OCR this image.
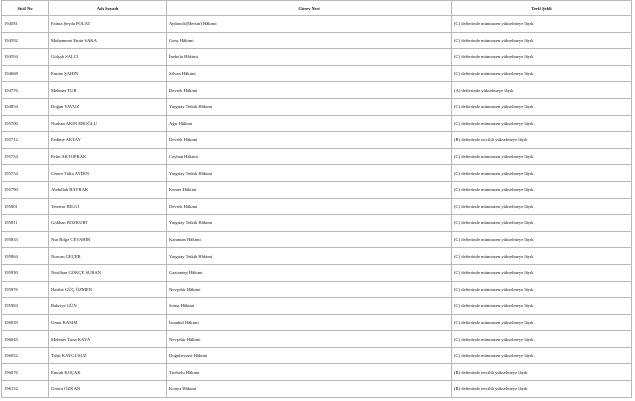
Sicil No	Adı Soyadı	Görev Yeri	Terfi Şekli
194581	Fatma Şeyda POLAT	Aydıncık(Mersin) Hâkimi	(C) defterinde mümtazen yükselmeye lâyık
194592	Muhammet Emin SAKA	Genç Hâkimi	(C) defterinde mümtazen yükselmeye lâyık
194594	Gülşah SALCI	İnebolu Hâkimi	(C) defterinde mümtazen yükselmeye lâyık
194668	Emine ŞAHİN	Silvan Hâkimi	(C) defterinde mümtazen yükselmeye lâyık
194776	Mehmet TUR	Devrek Hâkimi	(A) defterinde yükselmeye lâyık
194854	Doğan YAVUZ	Yargıtay Tetkik Hâkimi	(C) defterinde mümtazen yükselmeye lâyık
195700	Nurhan AKIN EROĞLU	Ağrı Hâkimi	(C) defterinde mümtazen yükselmeye lâyık
195712	Fadime AKTAY	Devrek Hâkimi	(B) defterinde tercihli yükselmeye lâyık
195734	Pelin AKTOPRAK	Ceyhan Hâkimi	(C) defterinde mümtazen yükselmeye lâyık
195754	Cenen Tülin AYDIN	Yargıtay Tetkik Hâkimi	(C) defterinde mümtazen yükselmeye lâyık
195790	Abdullah BAYRAK	Kemer Hâkimi	(C) defterinde mümtazen yükselmeye lâyık
195801	Teremır BİLGİ	Devrek Hâkimi	(C) defterinde mümtazen yükselmeye lâyık
195811	Gökhan BOZKURT	Yargıtay Tetkik Hâkimi	(C) defterinde mümtazen yükselmeye lâyık
195833	Nur Bilge CEVAHİR	Karaman Hâkimi	(C) defterinde mümtazen yükselmeye lâyık
195864	Nurcan GEÇER	Yargıtay Tetkik Hâkimi	(C) defterinde mümtazen yükselmeye lâyık
195930	Nesilhan GÖKÇE SURAN	Gaziantep Hâkimi	(C) defterinde mümtazen yükselmeye lâyık
195976	Hasibe GÜÇ ÖZMEN	Nevşehir Hâkimi	(C) defterinde mümtazen yükselmeye lâyık
195984	Bahriye GÜN	Soma Hâkimi	(C) defterinde mümtazen yükselmeye lâyık
196039	Umut KASIM	İstanbul Hâkimi	(C) defterinde mümtazen yükselmeye lâyık
196045	Mehmet Tuna KAYA	Nevşehir Hâkimi	(C) defterinde mümtazen yükselmeye lâyık
196052	Tahir KAYGUSUZ	Doğubeyazıt Hâkimi	(C) defterinde mümtazen yükselmeye lâyık
196076	Emrah KOÇAK	Tirebolu Hâkimi	(B) defterinde tercihli yükselmeye lâyık
196152	Gonca ÖZKAN	Konya Hâkimi	(B) defterinde tercihli yükselmeye lâyık
